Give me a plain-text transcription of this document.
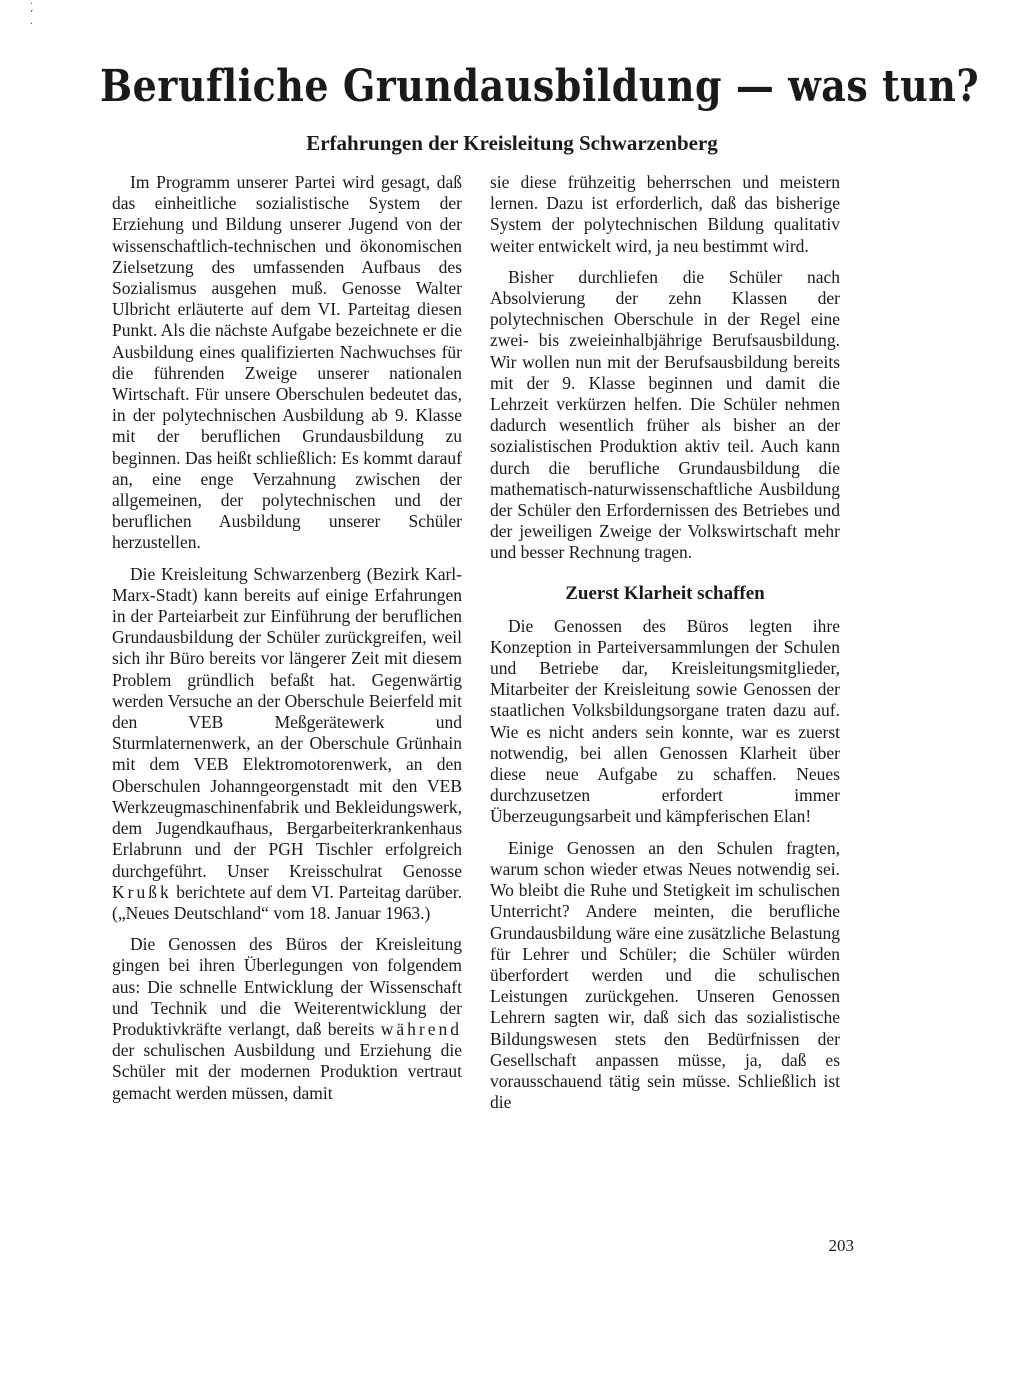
·
ʻ
·
Berufliche Grundausbildung — was tun?
Erfahrungen der Kreisleitung Schwarzenberg

Im Programm unserer Partei wird gesagt, daß das einheitliche sozialistische System der Erziehung und Bildung unserer Jugend von der wissenschaftlich-technischen und ökonomischen Zielsetzung des umfassenden Aufbaus des Sozialismus ausgehen muß. Genosse Walter Ulbricht erläuterte auf dem VI. Parteitag diesen Punkt. Als die nächste Aufgabe bezeichnete er die Ausbildung eines qualifizierten Nachwuchses für die führenden Zweige unserer nationalen Wirtschaft. Für unsere Oberschulen bedeutet das, in der polytechnischen Ausbildung ab 9. Klasse mit der beruflichen Grundausbildung zu beginnen. Das heißt schließlich: Es kommt darauf an, eine enge Verzahnung zwischen der allgemeinen, der polytechnischen und der beruflichen Ausbildung unserer Schüler herzustellen.

Die Kreisleitung Schwarzenberg (Bezirk Karl-Marx-Stadt) kann bereits auf einige Erfahrungen in der Parteiarbeit zur Einführung der beruflichen Grundausbildung der Schüler zurückgreifen, weil sich ihr Büro bereits vor längerer Zeit mit diesem Problem gründlich befaßt hat. Gegenwärtig werden Versuche an der Oberschule Beierfeld mit den VEB Meßgerätewerk und Sturmlaternenwerk, an der Oberschule Grünhain mit dem VEB Elektromotorenwerk, an den Oberschulen Johanngeorgenstadt mit den VEB Werkzeugmaschinenfabrik und Bekleidungswerk, dem Jugendkaufhaus, Bergarbeiterkrankenhaus Erlabrunn und der PGH Tischler erfolgreich durchgeführt. Unser Kreisschulrat Genosse Krußk berichtete auf dem VI. Parteitag darüber. („Neues Deutschland“ vom 18. Januar 1963.)

Die Genossen des Büros der Kreisleitung gingen bei ihren Überlegungen von folgendem aus: Die schnelle Entwicklung der Wissenschaft und Technik und die Weiterentwicklung der Produktivkräfte verlangt, daß bereits während der schulischen Ausbildung und Erziehung die Schüler mit der modernen Produktion vertraut gemacht werden müssen, damit

sie diese frühzeitig beherrschen und meistern lernen. Dazu ist erforderlich, daß das bisherige System der polytechnischen Bildung qualitativ weiter entwickelt wird, ja neu bestimmt wird.

Bisher durchliefen die Schüler nach Absolvierung der zehn Klassen der polytechnischen Oberschule in der Regel eine zwei- bis zweieinhalbjährige Berufsausbildung. Wir wollen nun mit der Berufsausbildung bereits mit der 9. Klasse beginnen und damit die Lehrzeit verkürzen helfen. Die Schüler nehmen dadurch wesentlich früher als bisher an der sozialistischen Produktion aktiv teil. Auch kann durch die berufliche Grundausbildung die mathematisch-naturwissenschaftliche Ausbildung der Schüler den Erfordernissen des Betriebes und der jeweiligen Zweige der Volkswirtschaft mehr und besser Rechnung tragen.

Zuerst Klarheit schaffen

Die Genossen des Büros legten ihre Konzeption in Parteiversammlungen der Schulen und Betriebe dar, Kreisleitungsmitglieder, Mitarbeiter der Kreisleitung sowie Genossen der staatlichen Volksbildungsorgane traten dazu auf. Wie es nicht anders sein konnte, war es zuerst notwendig, bei allen Genossen Klarheit über diese neue Aufgabe zu schaffen. Neues durchzusetzen erfordert immer Überzeugungsarbeit und kämpferischen Elan!

Einige Genossen an den Schulen fragten, warum schon wieder etwas Neues notwendig sei. Wo bleibt die Ruhe und Stetigkeit im schulischen Unterricht? Andere meinten, die berufliche Grundausbildung wäre eine zusätzliche Belastung für Lehrer und Schüler; die Schüler würden überfordert werden und die schulischen Leistungen zurückgehen. Unseren Genossen Lehrern sagten wir, daß sich das sozialistische Bildungswesen stets den Bedürfnissen der Gesellschaft anpassen müsse, ja, daß es vorausschauend tätig sein müsse. Schließlich ist die

203
